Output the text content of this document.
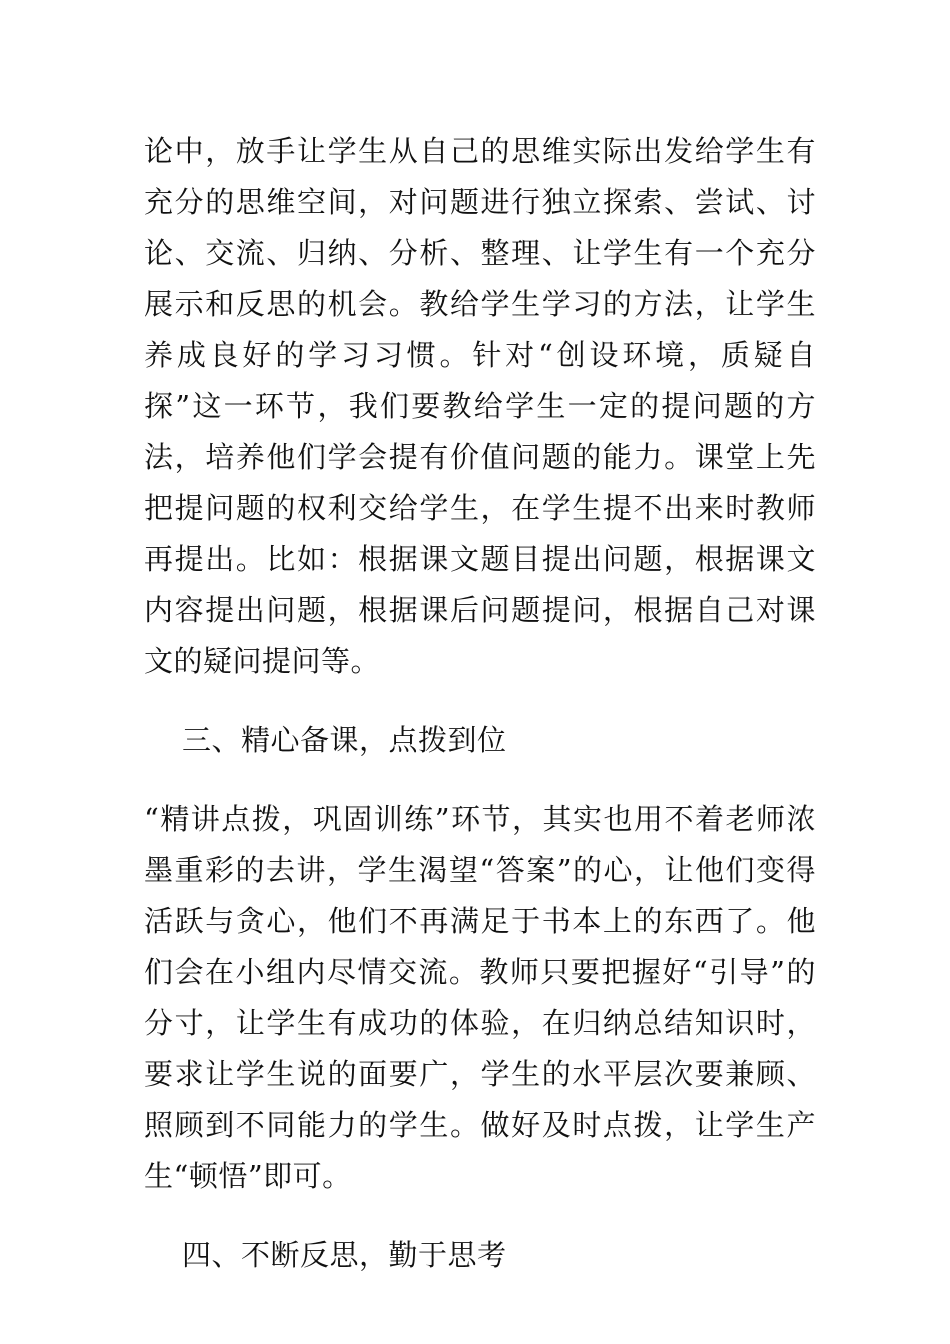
论中，放手让学生从自己的思维实际出发给学生有充分的思维空间，对问题进行独立探索、尝试、讨论、交流、归纳、分析、整理、让学生有一个充分展示和反思的机会。教给学生学习的方法，让学生养成良好的学习习惯。针对“创设环境，质疑自探”这一环节，我们要教给学生一定的提问题的方法，培养他们学会提有价值问题的能力。课堂上先把提问题的权利交给学生，在学生提不出来时教师再提出。比如：根据课文题目提出问题，根据课文内容提出问题，根据课后问题提问，根据自己对课文的疑问提问等。

三、精心备课，点拨到位

“精讲点拨，巩固训练”环节，其实也用不着老师浓墨重彩的去讲，学生渴望“答案”的心，让他们变得活跃与贪心，他们不再满足于书本上的东西了。他们会在小组内尽情交流。教师只要把握好“引导”的分寸，让学生有成功的体验，在归纳总结知识时，要求让学生说的面要广，学生的水平层次要兼顾、照顾到不同能力的学生。做好及时点拨，让学生产生“顿悟”即可。

四、不断反思，勤于思考
